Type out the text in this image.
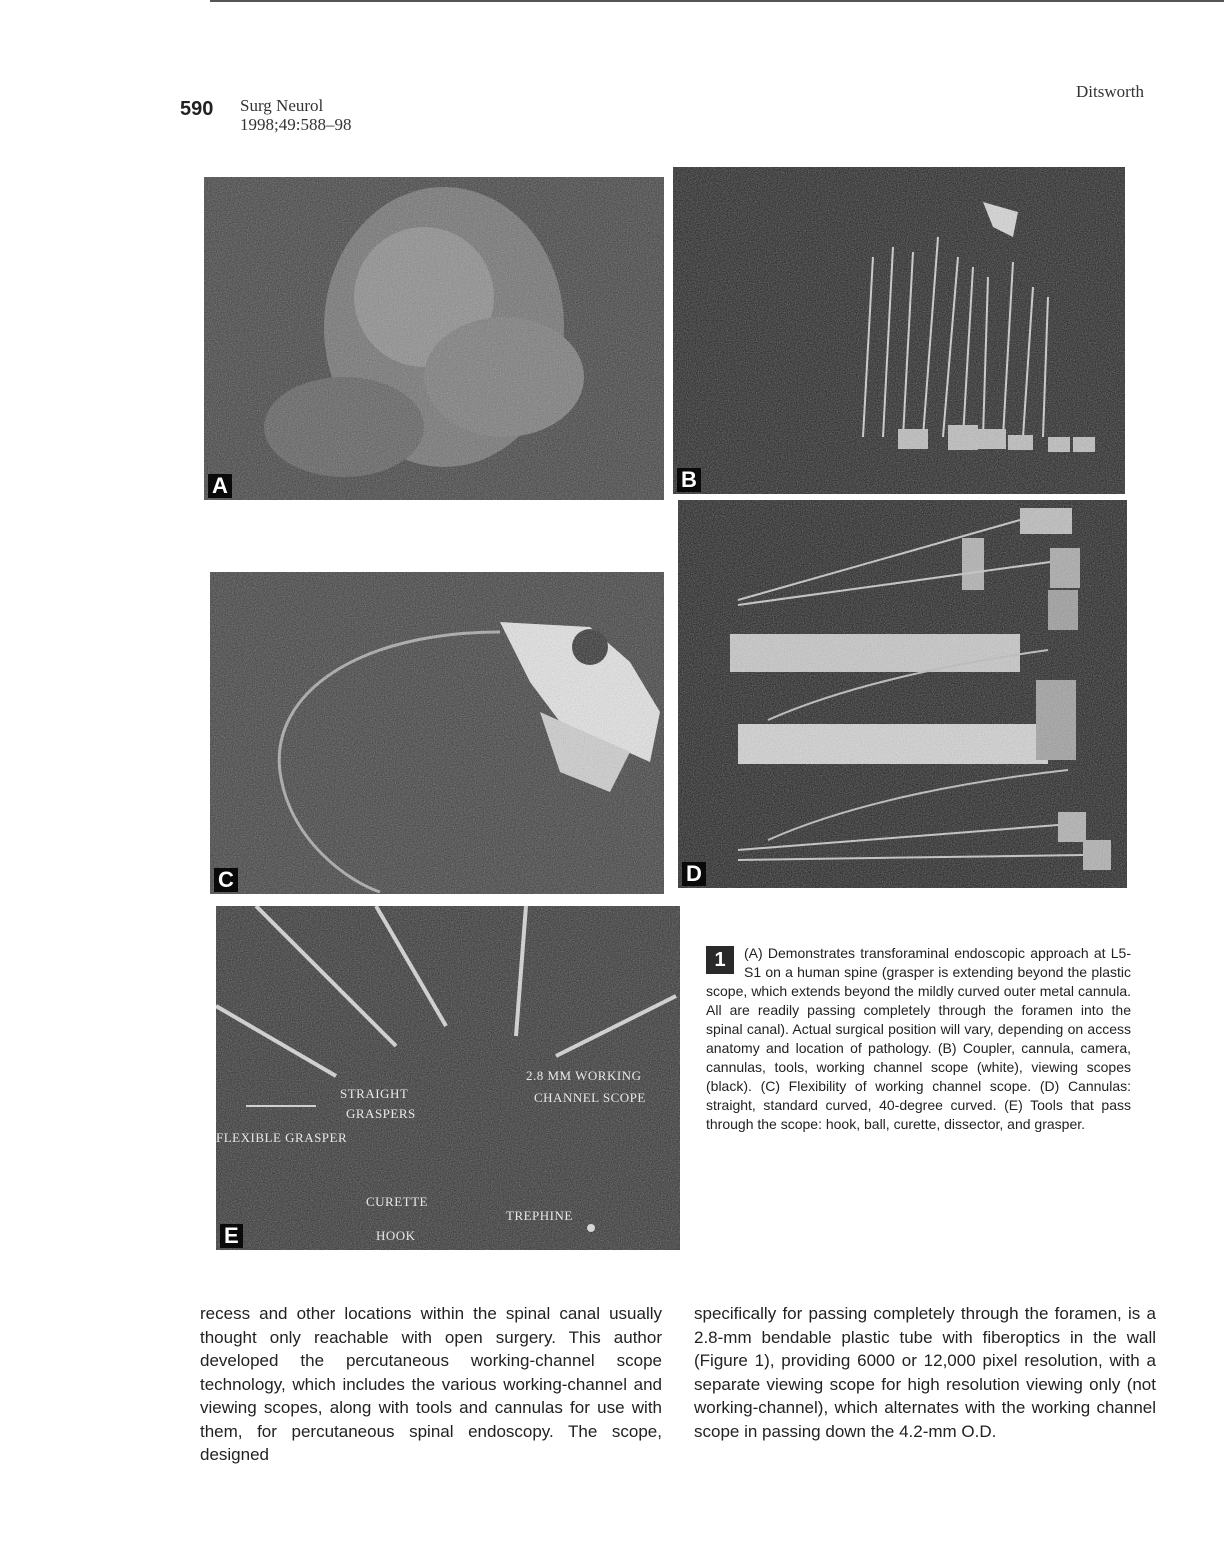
590 Surg Neurol
1998;49:588–98
Ditsworth
A	B
C	D
2.8 MM WORKING
CHANNEL SCOPE
STRAIGHT
GRASPERS
FLEXIBLE GRASPER
CURETTE
TREPHINE
HOOK
E
1	(A) Demonstrates transforaminal endoscopic approach at L5-S1 on a human spine (grasper is extending beyond the plastic scope, which extends beyond the mildly curved outer metal cannula. All are readily passing completely through the foramen into the spinal canal). Actual surgical position will vary, depending on access anatomy and location of pathology. (B) Coupler, cannula, camera, cannulas, tools, working channel scope (white), viewing scopes (black). (C) Flexibility of working channel scope. (D) Cannulas: straight, standard curved, 40-degree curved. (E) Tools that pass through the scope: hook, ball, curette, dissector, and grasper.
recess and other locations within the spinal canal usually thought only reachable with open surgery. This author developed the percutaneous working-channel scope technology, which includes the various working-channel and viewing scopes, along with tools and cannulas for use with them, for percutaneous spinal endoscopy. The scope, designed
specifically for passing completely through the foramen, is a 2.8-mm bendable plastic tube with fiberoptics in the wall (Figure 1), providing 6000 or 12,000 pixel resolution, with a separate viewing scope for high resolution viewing only (not working-channel), which alternates with the working channel scope in passing down the 4.2-mm O.D.
